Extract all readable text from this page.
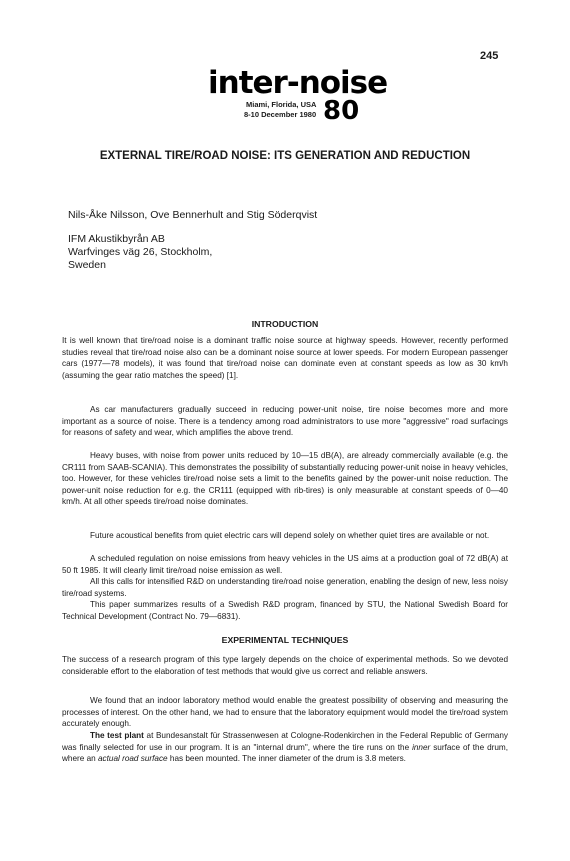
245
inter-noise
Miami, Florida, USA
8-10 December 1980 80
EXTERNAL TIRE/ROAD NOISE: ITS GENERATION AND REDUCTION
Nils-Åke Nilsson, Ove Bennerhult and Stig Söderqvist
IFM Akustikbyrån AB
Warfvinges väg 26, Stockholm,
Sweden
INTRODUCTION

It is well known that tire/road noise is a dominant traffic noise source at highway speeds. However, recently performed studies reveal that tire/road noise also can be a dominant noise source at lower speeds. For modern European passenger cars (1977—78 models), it was found that tire/road noise can dominate even at constant speeds as low as 30 km/h (assuming the gear ratio matches the speed) [1].

As car manufacturers gradually succeed in reducing power-unit noise, tire noise becomes more and more important as a source of noise. There is a tendency among road administrators to use more "aggressive" road surfacings for reasons of safety and wear, which amplifies the above trend.

Heavy buses, with noise from power units reduced by 10—15 dB(A), are already commercially available (e.g. the CR111 from SAAB-SCANIA). This demonstrates the possibility of substantially reducing power-unit noise in heavy vehicles, too. However, for these vehicles tire/road noise sets a limit to the benefits gained by the power-unit noise reduction. The power-unit noise reduction for e.g. the CR111 (equipped with rib-tires) is only measurable at constant speeds of 0—40 km/h. At all other speeds tire/road noise dominates.

Future acoustical benefits from quiet electric cars will depend solely on whether quiet tires are available or not.

A scheduled regulation on noise emissions from heavy vehicles in the US aims at a production goal of 72 dB(A) at 50 ft 1985. It will clearly limit tire/road noise emission as well.

All this calls for intensified R&D on understanding tire/road noise generation, enabling the design of new, less noisy tire/road systems.

This paper summarizes results of a Swedish R&D program, financed by STU, the National Swedish Board for Technical Development (Contract No. 79—6831).

EXPERIMENTAL TECHNIQUES

The success of a research program of this type largely depends on the choice of experimental methods. So we devoted considerable effort to the elaboration of test methods that would give us correct and reliable answers.

We found that an indoor laboratory method would enable the greatest possibility of observing and measuring the processes of interest. On the other hand, we had to ensure that the laboratory equipment would model the tire/road system accurately enough.

The test plant at Bundesanstalt für Strassenwesen at Cologne-Rodenkirchen in the Federal Republic of Germany was finally selected for use in our program. It is an "internal drum", where the tire runs on the inner surface of the drum, where an actual road surface has been mounted. The inner diameter of the drum is 3.8 meters.
